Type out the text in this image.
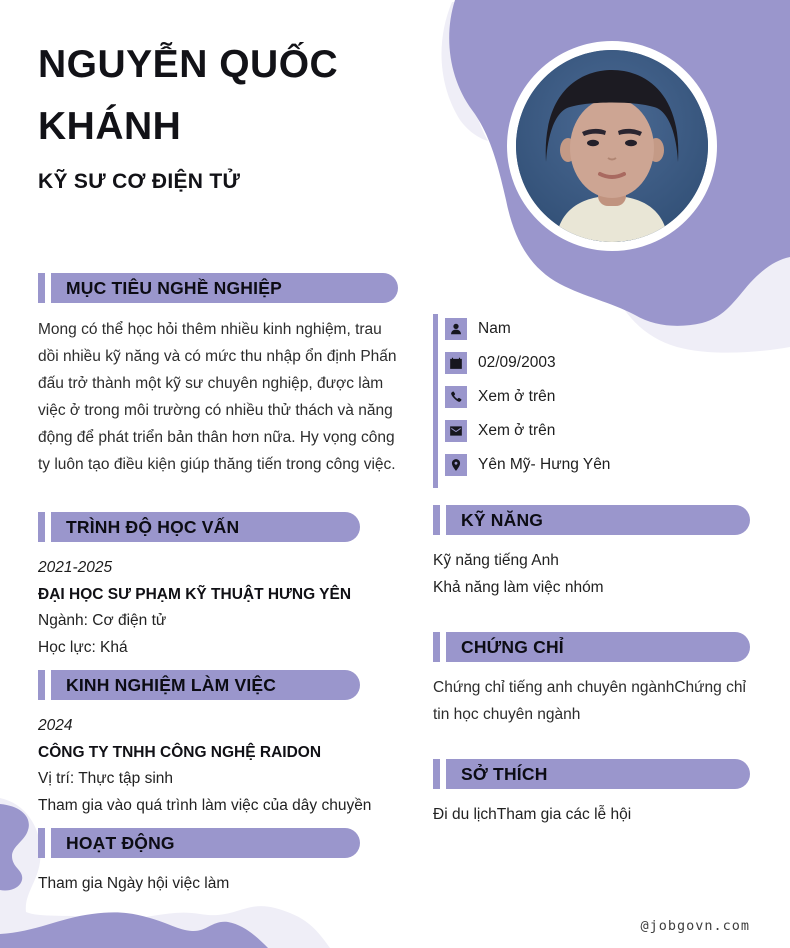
NGUYỄN QUỐC KHÁNH
KỸ SƯ CƠ ĐIỆN TỬ
MỤC TIÊU NGHỀ NGHIỆP
Mong có thể học hỏi thêm nhiều kinh nghiệm, trau dồi nhiều kỹ năng và có mức thu nhập ổn định Phấn đấu trở thành một kỹ sư chuyên nghiệp, được làm việc ở trong môi trường có nhiều thử thách và năng động để phát triển bản thân hơn nữa. Hy vọng công ty luôn tạo điều kiện giúp thăng tiến trong công việc.
TRÌNH ĐỘ HỌC VẤN
2021-2025
ĐẠI HỌC SƯ PHẠM KỸ THUẬT HƯNG YÊN
Ngành: Cơ điện tử
Học lực: Khá
KINH NGHIỆM LÀM VIỆC
2024
CÔNG TY TNHH CÔNG NGHỆ RAIDON
Vị trí: Thực tập sinh
Tham gia vào quá trình làm việc của dây chuyền
HOẠT ĐỘNG
Tham gia Ngày hội việc làm
Nam
02/09/2003
Xem ở trên
Xem ở trên
Yên Mỹ- Hưng Yên
KỸ NĂNG
Kỹ năng tiếng Anh
Khả năng làm việc nhóm
CHỨNG CHỈ
Chứng chỉ tiếng anh chuyên ngànhChứng chỉ tin học chuyên ngành
SỞ THÍCH
Đi du lịchTham gia các lễ hội
@jobgovn.com
